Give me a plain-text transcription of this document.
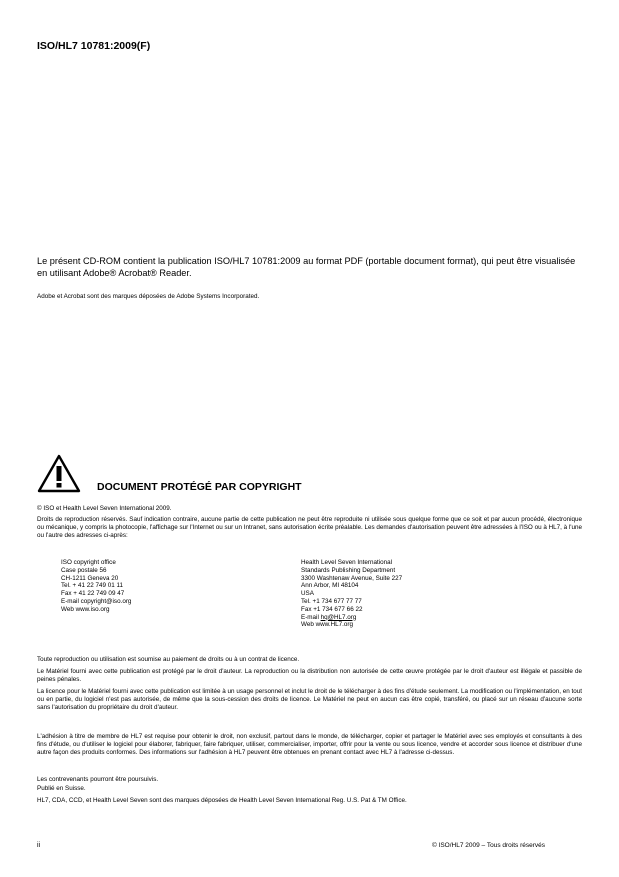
ISO/HL7 10781:2009(F)
Le présent CD-ROM contient la publication ISO/HL7 10781:2009 au format PDF (portable document format), qui peut être visualisée en utilisant Adobe® Acrobat® Reader.
Adobe et Acrobat sont des marques déposées de Adobe Systems Incorporated.
DOCUMENT PROTÉGÉ PAR COPYRIGHT
© ISO et Health Level Seven International 2009.
Droits de reproduction réservés. Sauf indication contraire, aucune partie de cette publication ne peut être reproduite ni utilisée sous quelque forme que ce soit et par aucun procédé, électronique ou mécanique, y compris la photocopie, l'affichage sur l'Internet ou sur un Intranet, sans autorisation écrite préalable. Les demandes d'autorisation peuvent être adressées à l'ISO ou à HL7, à l'une ou l'autre des adresses ci-après:
ISO copyright office
Case postale 56
CH-1211 Geneva 20
Tel. + 41 22 749 01 11
Fax + 41 22 749 09 47
E-mail copyright@iso.org
Web www.iso.org
Health Level Seven International
Standards Publishing Department
3300 Washtenaw Avenue, Suite 227
Ann Arbor, MI 48104
USA
Tel. +1 734 677 77 77
Fax +1 734 677 66 22
E-mail hq@HL7.org
Web www.HL7.org
Toute reproduction ou utilisation est soumise au paiement de droits ou à un contrat de licence.
Le Matériel fourni avec cette publication est protégé par le droit d'auteur. La reproduction ou la distribution non autorisée de cette œuvre protégée par le droit d'auteur est illégale et passible de peines pénales.
La licence pour le Matériel fourni avec cette publication est limitée à un usage personnel et inclut le droit de le télécharger à des fins d'étude seulement. La modification ou l'implémentation, en tout ou en partie, du logiciel n'est pas autorisée, de même que la sous-cession des droits de licence. Le Matériel ne peut en aucun cas être copié, transféré, ou placé sur un réseau d'aucune sorte sans l'autorisation du propriétaire du droit d'auteur.
L'adhésion à titre de membre de HL7 est requise pour obtenir le droit, non exclusif, partout dans le monde, de télécharger, copier et partager le Matériel avec ses employés et consultants à des fins d'étude, ou d'utiliser le logiciel pour élaborer, fabriquer, faire fabriquer, utiliser, commercialiser, importer, offrir pour la vente ou sous licence, vendre et accorder sous licence et distribuer d'une autre façon des produits conformes. Des informations sur l'adhésion à HL7 peuvent être obtenues en prenant contact avec HL7 à l'adresse ci-dessus.
Les contrevenants pourront être poursuivis.
Publié en Suisse.
HL7, CDA, CCD, et Health Level Seven sont des marques déposées de Health Level Seven International Reg. U.S. Pat & TM Office.
ii	© ISO/HL7 2009 – Tous droits réservés
